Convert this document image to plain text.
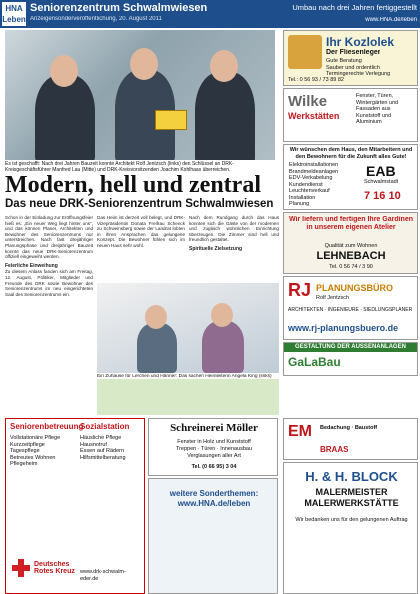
HNA Leben
Seniorenzentrum Schwalmwiesen
Anzeigensonderveröffentlichung, 20. August 2011
Umbau nach drei Jahren fertiggestellt
www.HNA.de/leben
Es ist geschafft: Nach drei Jahren Bauzeit konnte Architekt Rolf Jentzsch (links) den Schlüssel an DRK-Kreisgeschäftsführer Manfred Lau (Mitte) und DRK-Kreisvorsitzenden Joachim Kohlhaas überreichen.
Modern, hell und zentral
Das neue DRK-Seniorenzentrum Schwalmwiesen
Schon in der Einladung zur Eröffnungsfeier hieß es: „Ein neuer Weg liegt hinter uns", und das können Planer, Architekten und Bewohner des Seniorenzentrums nur unterstreichen. Nach fast dreijähriger Planungsphase und dreijähriger Bauzeit konnte das neue DRK-Seniorenzentrum offiziell eingeweiht werden.
Feierliche Einweihung
Zu diesem Anlass fanden sich am Freitag, 12. August, Politiker, Mitglieder und Freunde des DRK sowie Bewohner des Seniorenzentrums im neu eingerichteten Saal des Seniorenzentrums ein.
Das Heim ist derzeit voll belegt, und DRK-Vizepräsidentin Donata Freifrau Schenck zu Schweinsberg sowie der Landrat lobten in ihren Ansprachen das gelungene Konzept. Die Bewohner fühlen sich im neuen Haus sehr wohl.
Nach dem Rundgang durch das Haus konnten sich die Gäste von der modernen und zugleich wohnlichen Einrichtung überzeugen. Die Zimmer sind hell und freundlich gestaltet.
Spirituelle Zielsetzung
Ein Zuhause für Lerchen und Hänner: Das sachen Heimleiterin Angela King (links)
Ihr Kozlolek
Der Fliesenleger
Gute Beratung
Sauber und ordentlich
Termingerechte Verlegung
Tel.: 0 56 93 / 73 89 82
Wilke
Werkstätten
Fenster, Türen, Wintergärten und Fassaden aus Kunststoff und Aluminium
Wir wünschen dem Haus, den Mitarbeitern und den Bewohnern für die Zukunft alles Gute!
Elektroinstallationen
Brandmeldeanlagen
EDV-Verkabelung
Kundendienst
Leuchtenverkauf
Installation
Planung
EAB
Schwalmstadt
7 16 10
Wir liefern und fertigen Ihre Gardinen in unserem eigenen Atelier
Qualität zum Wohnen
LEHNEBACH
Tel. 0 56 74 / 3 90
RJ PLANUNGSBÜRO
Rolf Jentzsch
ARCHITEKTEN · INGENIEURE · SIEDLUNGSPLANER
www.rj-planungsbuero.de
GESTALTUNG DER AUSSENANLAGEN
GaLaBau
Seniorenbetreuung
Sozialstation
Vollstationäre Pflege
Kurzzeitpflege
Tagespflege
Betreutes Wohnen
Pflegeheim
Häusliche Pflege
Hausnotruf
Essen auf Rädern
Hilfsmittelberatung
Deutsches Rotes Kreuz www.drk-schwalm-eder.de
Schreinerei Möller
Fenster in Holz und Kunststoff
Treppen · Türen · Innenausbau
Verglasungen aller Art
Tel. (0 66 95) 3 04
weitere Sonderthemen: www.HNA.de/leben
EM Bedachung · Baustoff
BRAAS
H. & H. BLOCK
MALERMEISTER MALERWERKSTÄTTE
Wir bedanken uns für den gelungenen Auftrag
